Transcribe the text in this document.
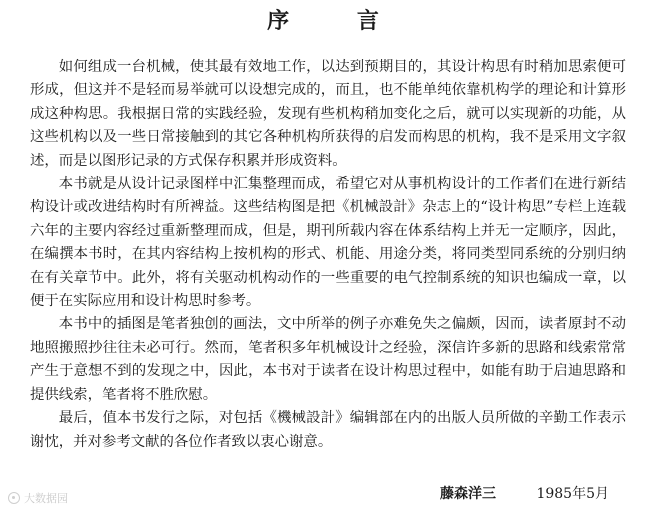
序 言

如何组成一台机械，使其最有效地工作，以达到预期目的，其设计构思有时稍加思索便可形成，但这并不是轻而易举就可以设想完成的，而且，也不能单纯依靠机构学的理论和计算形成这种构思。我根据日常的实践经验，发现有些机构稍加变化之后，就可以实现新的功能，从这些机构以及一些日常接触到的其它各种机构所获得的启发而构思的机构，我不是采用文字叙述，而是以图形记录的方式保存积累并形成资料。

本书就是从设计记录图样中汇集整理而成，希望它对从事机构设计的工作者们在进行新结构设计或改进结构时有所裨益。这些结构图是把《机械設計》杂志上的“设计构思”专栏上连载六年的主要内容经过重新整理而成，但是，期刊所载内容在体系结构上并无一定顺序，因此，在编撰本书时，在其内容结构上按机构的形式、机能、用途分类，将同类型同系统的分别归纳在有关章节中。此外，将有关驱动机构动作的一些重要的电气控制系统的知识也编成一章，以便于在实际应用和设计构思时参考。

本书中的插图是笔者独创的画法，文中所举的例子亦难免失之偏颇，因而，读者原封不动地照搬照抄往往未必可行。然而，笔者积多年机械设计之经验，深信许多新的思路和线索常常产生于意想不到的发现之中，因此，本书对于读者在设计构思过程中，如能有助于启迪思路和提供线索，笔者将不胜欣慰。

最后，值本书发行之际，对包括《機械設計》编辑部在内的出版人员所做的辛勤工作表示谢忱，并对参考文献的各位作者致以衷心谢意。

藤森洋三	1985年5月
大数据园
